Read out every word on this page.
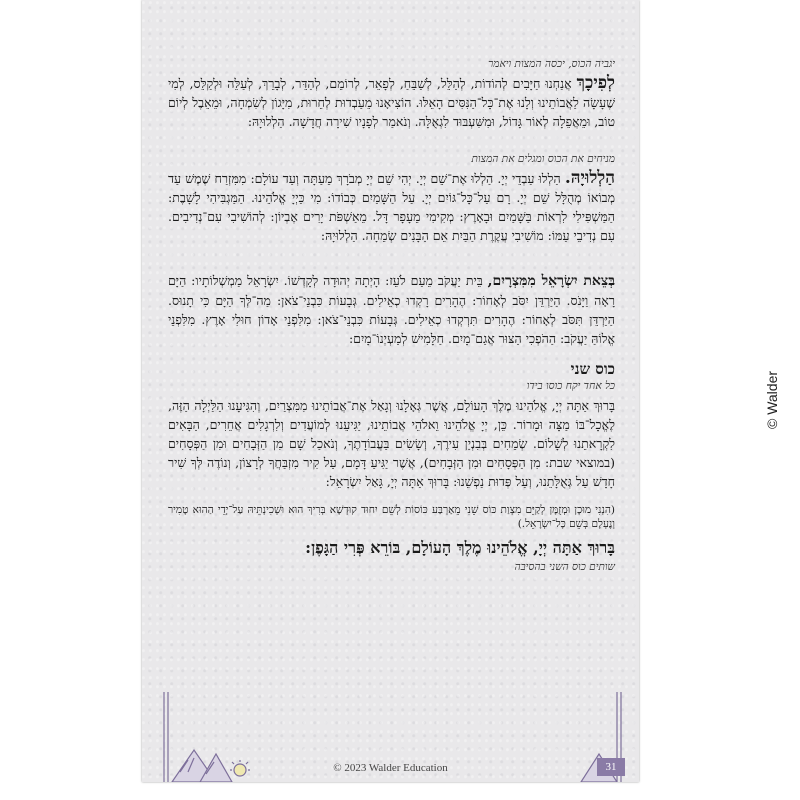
יגביה הכוס, יכסה המצות ויאמר

לְפִיכָךְ אֲנַחְנוּ חַיָּבִים לְהוֹדוֹת, לְהַלֵּל, לְשַׁבֵּחַ, לְפָאֵר, לְרוֹמֵם, לְהַדֵּר, לְבָרֵךְ, לְעַלֵּה וּלְקַלֵּס, לְמִי שֶׁעָשָׂה לַאֲבוֹתֵינוּ וְלָנוּ אֶת־כָּל־הַנִּסִּים הָאֵלּוּ. הוֹצִיאָנוּ מֵעַבְדוּת לְחֵרוּת, מִיָּגוֹן לְשִׂמְחָה, וּמֵאֵבֶל לְיוֹם טוֹב, וּמֵאֲפֵלָה לְאוֹר גָּדוֹל, וּמִשִּׁעְבּוּד לִגְאֻלָּה. וְנֹאמַר לְפָנָיו שִׁירָה חֲדָשָׁה. הַלְלוּיָהּ:

מניחים את הכוס ומגלים את המצות

הַלְלוּיָהּ. הַלְלוּ עַבְדֵי יְיָ. הַלְלוּ אֶת־שֵׁם יְיָ. יְהִי שֵׁם יְיָ מְבֹרָךְ מֵעַתָּה וְעַד עוֹלָם: מִמִּזְרַח שֶׁמֶשׁ עַד מְבוֹאוֹ מְהֻלָּל שֵׁם יְיָ. רָם עַל־כָּל־גּוֹיִם יְיָ. עַל הַשָּׁמַיִם כְּבוֹדוֹ: מִי כַּיְיָ אֱלֹהֵינוּ. הַמַּגְבִּיהִי לָשָׁבֶת: הַמַּשְׁפִּילִי לִרְאוֹת בַּשָּׁמַיִם וּבָאָרֶץ: מְקִימִי מֵעָפָר דָּל. מֵאַשְׁפֹּת יָרִים אֶבְיוֹן: לְהוֹשִׁיבִי עִם־נְדִיבִים. עִם נְדִיבֵי עַמּוֹ: מוֹשִׁיבִי עֲקֶרֶת הַבַּיִת אֵם הַבָּנִים שְׂמֵחָה. הַלְלוּיָהּ:

בְּצֵאת יִשְׂרָאֵל מִמִּצְרָיִם, בֵּית יַעֲקֹב מֵעַם לֹעֵז: הָיְתָה יְהוּדָה לְקָדְשׁוֹ. יִשְׂרָאֵל מַמְשְׁלוֹתָיו: הַיָּם רָאָה וַיָּנֹס. הַיַּרְדֵּן יִסֹּב לְאָחוֹר: הֶהָרִים רָקְדוּ כְאֵילִים. גְּבָעוֹת כִּבְנֵי־צֹאן: מַה־לְּךָ הַיָּם כִּי תָנוּס. הַיַּרְדֵּן תִּסֹּב לְאָחוֹר: הֶהָרִים תִּרְקְדוּ כְאֵילִים. גְּבָעוֹת כִּבְנֵי־צֹאן: מִלִּפְנֵי אָדוֹן חוּלִי אָרֶץ. מִלִּפְנֵי אֱלוֹהַּ יַעֲקֹב: הַהֹפְכִי הַצּוּר אֲגַם־מָיִם. חַלָּמִישׁ לְמַעְיְנוֹ־מָיִם:

כוס שני

כל אחד יקח כוסו בידו

בָּרוּךְ אַתָּה יְיָ, אֱלֹהֵינוּ מֶלֶךְ הָעוֹלָם, אֲשֶׁר גְּאָלָנוּ וְגָאַל אֶת־אֲבוֹתֵינוּ מִמִּצְרַיִם, וְהִגִּיעָנוּ הַלַּיְלָה הַזֶּה, לֶאֱכָל־בּוֹ מַצָּה וּמָרוֹר. כֵּן, יְיָ אֱלֹהֵינוּ וֵאלֹהֵי אֲבוֹתֵינוּ, יַגִּיעֵנוּ לְמוֹעֲדִים וְלִרְגָלִים אֲחֵרִים, הַבָּאִים לִקְרָאתֵנוּ לְשָׁלוֹם. שְׂמֵחִים בְּבִנְיַן עִירֶךָ, וְשָׂשִׂים בַּעֲבוֹדָתֶךָ, וְנֹאכַל שָׁם מִן הַזְּבָחִים וּמִן הַפְּסָחִים (במוצאי שבת: מִן הַפְּסָחִים וּמִן הַזְּבָחִים), אֲשֶׁר יַגִּיעַ דָּמָם, עַל קִיר מִזְבַּחֲךָ לְרָצוֹן, וְנוֹדֶה לְּךָ שִׁיר חָדָשׁ עַל גְּאֻלָּתֵנוּ, וְעַל פְּדוּת נַפְשֵׁנוּ: בָּרוּךְ אַתָּה יְיָ, גָּאַל יִשְׂרָאֵל:

(הִנְנִי מוּכָן וּמְזֻמָּן לְקַיֵּם מִצְוַת כּוֹס שֵׁנִי מֵאַרְבַּע כּוֹסוֹת לְשֵׁם יִחוּד קוּדְשָׁא בְּרִיךְ הוּא וּשְׁכִינְתֵּיהּ עַל־יְדֵי הַהוּא טָמִיר וְנֶעְלָם בְּשֵׁם כָּל־יִשְׂרָאֵל.)

בָּרוּךְ אַתָּה יְיָ, אֱלֹהֵינוּ מֶלֶךְ הָעוֹלָם, בּוֹרֵא פְּרִי הַגָּפֶן:

שותים כוס השני בהסיבה

© 2023 Walder Education	31
© Walder
